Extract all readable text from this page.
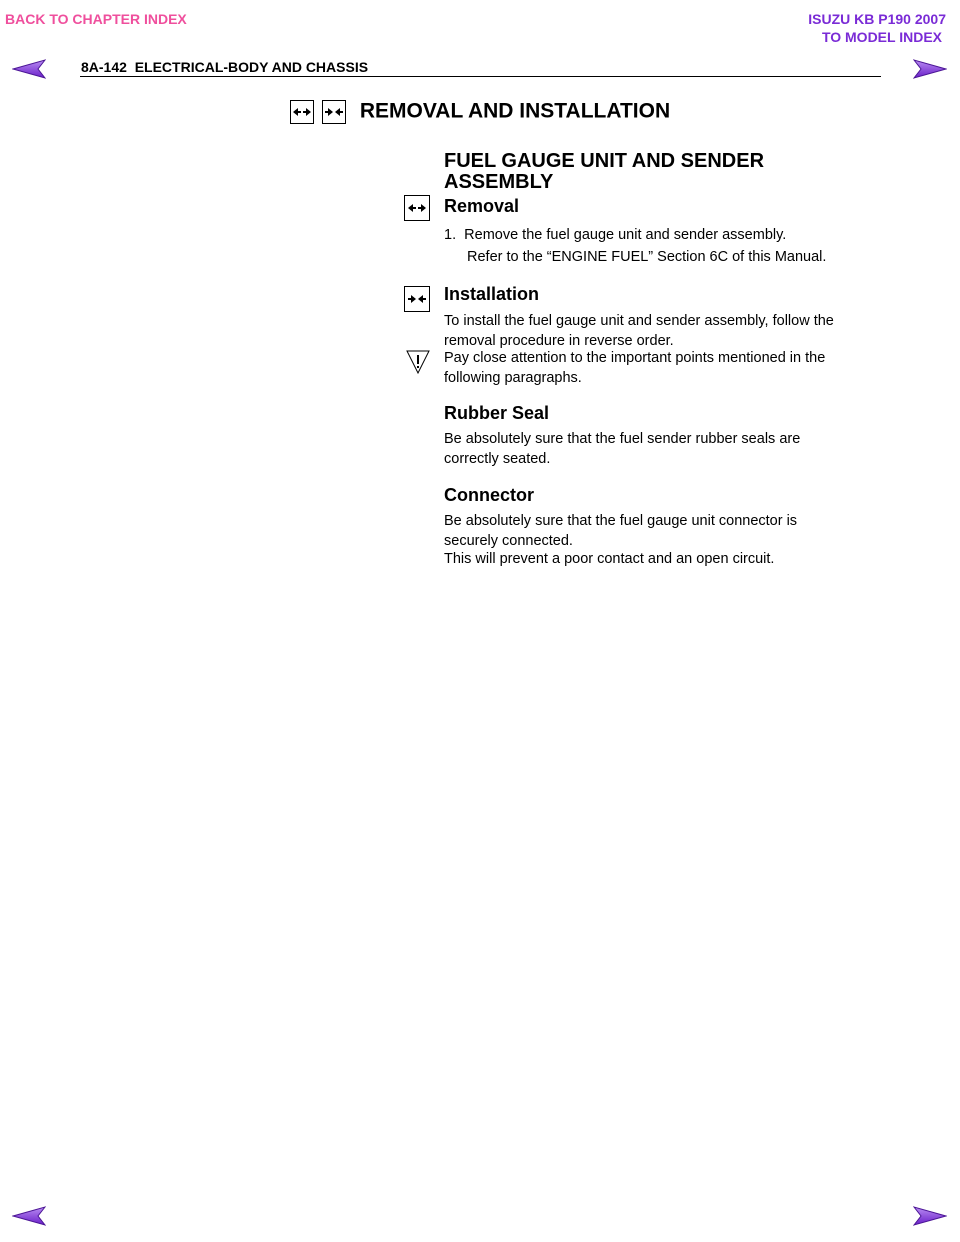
BACK TO CHAPTER INDEX	ISUZU KB P190 2007
TO MODEL INDEX
8A-142 ELECTRICAL-BODY AND CHASSIS
REMOVAL AND INSTALLATION
FUEL GAUGE UNIT AND SENDER ASSEMBLY
Removal
1. Remove the fuel gauge unit and sender assembly.
Refer to the “ENGINE FUEL” Section 6C of this Manual.
Installation
To install the fuel gauge unit and sender assembly, follow the removal procedure in reverse order.
Pay close attention to the important points mentioned in the following paragraphs.
Rubber Seal
Be absolutely sure that the fuel sender rubber seals are correctly seated.
Connector
Be absolutely sure that the fuel gauge unit connector is securely connected.
This will prevent a poor contact and an open circuit.
